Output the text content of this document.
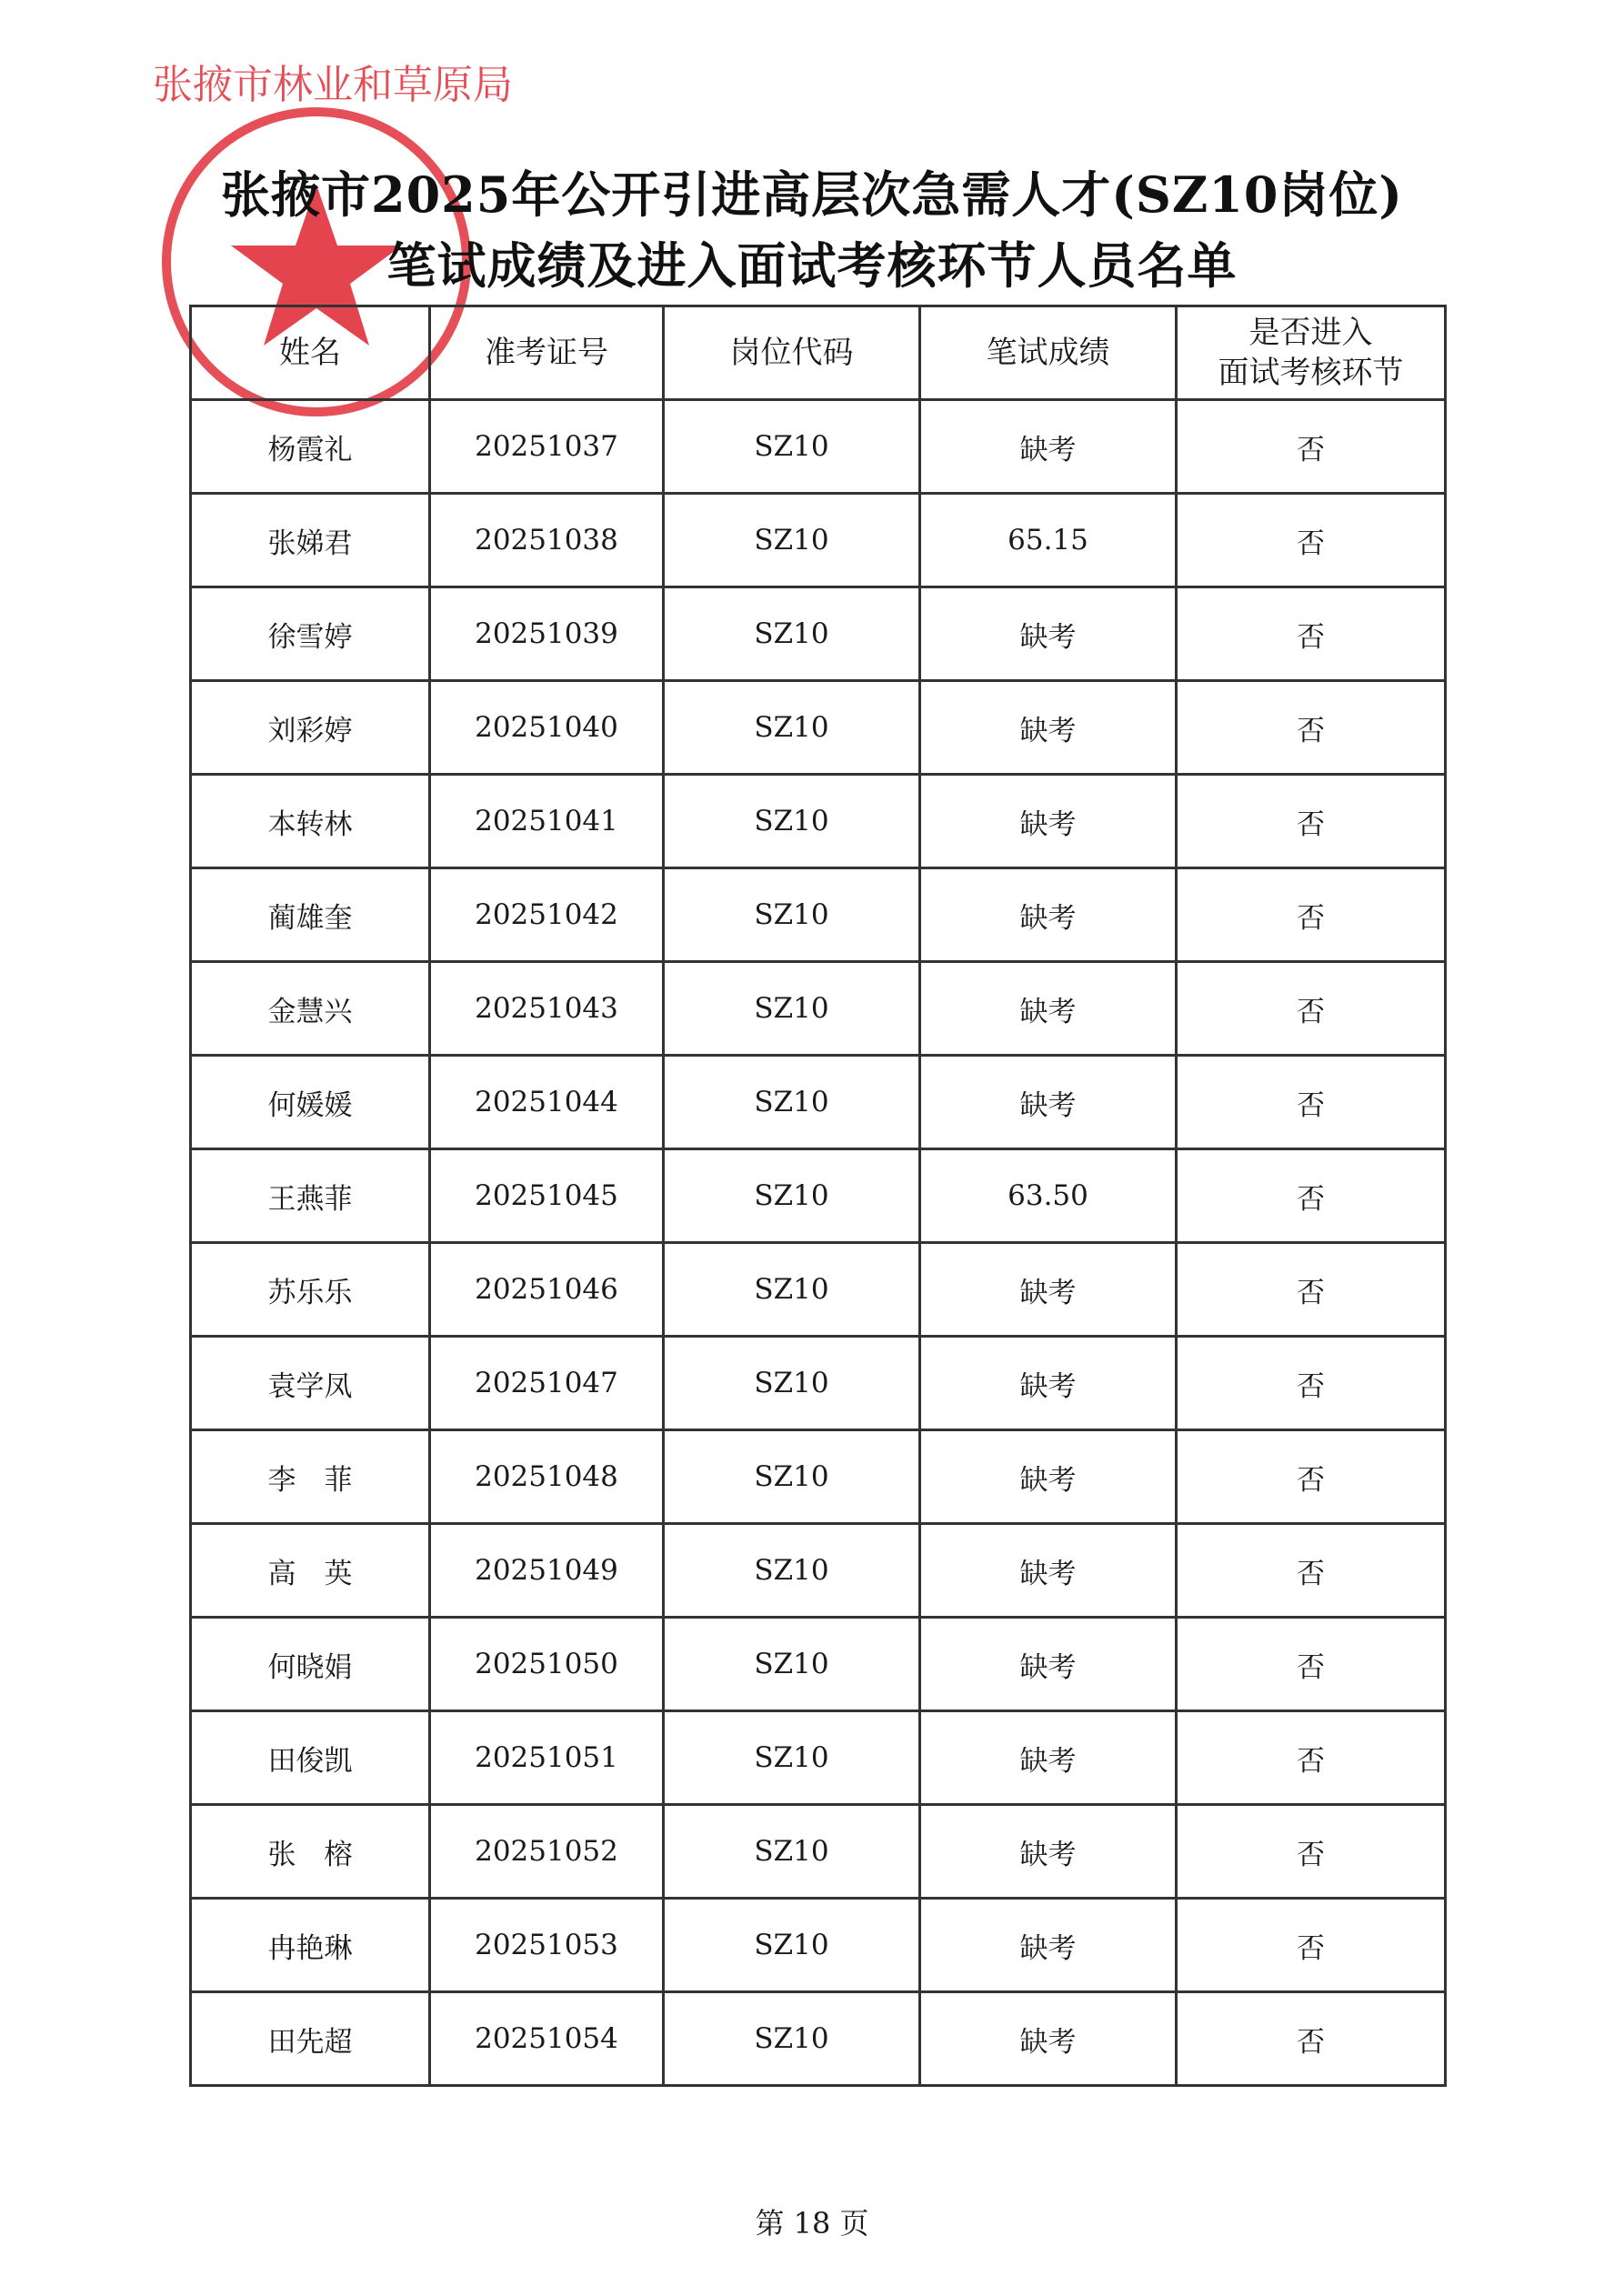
张掖市林业和草原局
张掖市2025年公开引进高层次急需人才(SZ10岗位)
笔试成绩及进入面试考核环节人员名单
姓名	准考证号	岗位代码	笔试成绩	是否进入
面试考核环节

杨霞礼	20251037	SZ10	缺考	否
张娣君	20251038	SZ10	65.15	否
徐雪婷	20251039	SZ10	缺考	否
刘彩婷	20251040	SZ10	缺考	否
本转林	20251041	SZ10	缺考	否
蔺雄奎	20251042	SZ10	缺考	否
金慧兴	20251043	SZ10	缺考	否
何媛媛	20251044	SZ10	缺考	否
王燕菲	20251045	SZ10	63.50	否
苏乐乐	20251046	SZ10	缺考	否
袁学凤	20251047	SZ10	缺考	否
李　菲	20251048	SZ10	缺考	否
高　英	20251049	SZ10	缺考	否
何晓娟	20251050	SZ10	缺考	否
田俊凯	20251051	SZ10	缺考	否
张　榕	20251052	SZ10	缺考	否
冉艳琳	20251053	SZ10	缺考	否
田先超	20251054	SZ10	缺考	否
第 18 页
